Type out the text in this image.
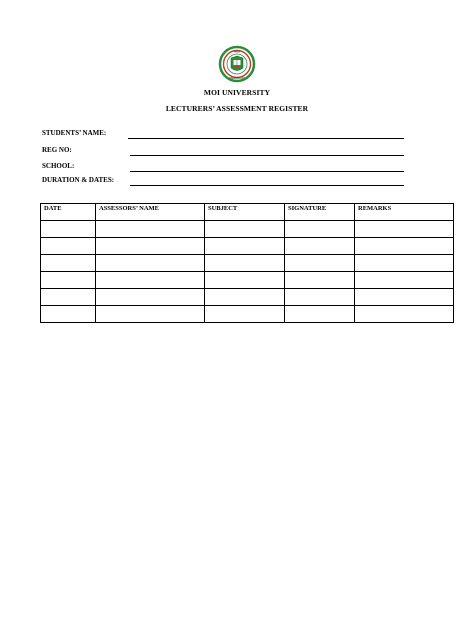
MOI
UNIVERSITY
MOI UNIVERSITY
LECTURERS’ ASSESSMENT REGISTER
STUDENTS’ NAME:
REG NO:
SCHOOL:
DURATION & DATES:
DATE	ASSESSORS’ NAME	SUBJECT	SIGNATURE	REMARKS
